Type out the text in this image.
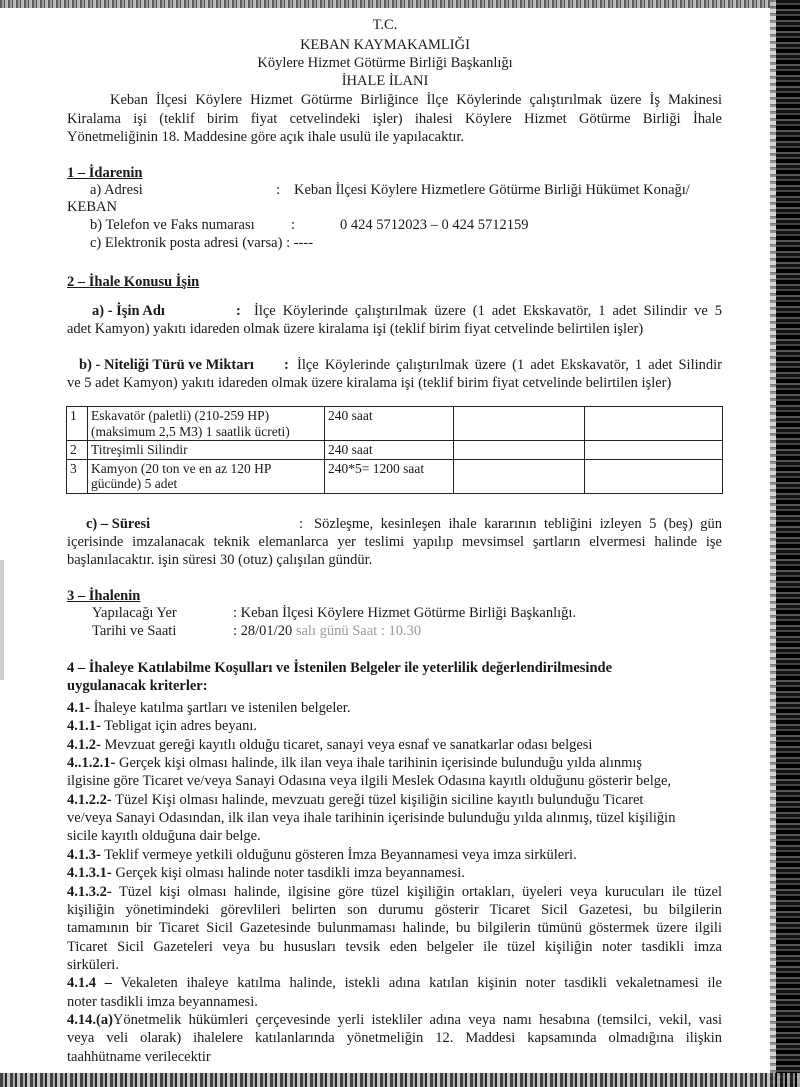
T.C.
KEBAN KAYMAKAMLIĞI
Köylere Hizmet Götürme Birliği Başkanlığı
İHALE İLANI
Keban İlçesi Köylere Hizmet Götürme Birliğince İlçe Köylerinde çalıştırılmak üzere İş Makinesi
Kiralama işi (teklif birim fiyat cetvelindeki işler) ihalesi Köylere Hizmet Götürme Birliği İhale
Yönetmeliğinin 18. Maddesine göre açık ihale usulü ile yapılacaktır.
1 – İdarenin
a) Adresi	: Keban İlçesi Köylere Hizmetlere Götürme Birliği Hükümet Konağı/
KEBAN
b) Telefon ve Faks numarası	:	0 424 5712023 – 0 424 5712159
c) Elektronik posta adresi (varsa) : ----
2 – İhale Konusu İşin
a) - İşin Adı	: İlçe Köylerinde çalıştırılmak üzere (1 adet Ekskavatör, 1 adet Silindir ve 5
adet Kamyon) yakıtı idareden olmak üzere kiralama işi (teklif birim fiyat cetvelinde belirtilen işler)
b) - Niteliği Türü ve Miktarı : İlçe Köylerinde çalıştırılmak üzere (1 adet Ekskavatör, 1 adet Silindir
ve 5 adet Kamyon) yakıtı idareden olmak üzere kiralama işi (teklif birim fiyat cetvelinde belirtilen işler)
1	Eskavatör (paletli) (210-259 HP) (maksimum 2,5 M3) 1 saatlik ücreti)	240 saat		
2	Titreşimli Silindir	240 saat		
3	Kamyon (20 ton ve en az 120 HP gücünde) 5 adet	240*5= 1200 saat		
c) – Süresi	: Sözleşme, kesinleşen ihale kararının tebliğini izleyen 5 (beş) gün
içerisinde imzalanacak teknik elemanlarca yer teslimi yapılıp mevsimsel şartların elvermesi halinde işe
başlanılacaktır. işin süresi 30 (otuz) çalışılan gündür.
3 – İhalenin
Yapılacağı Yer	: Keban İlçesi Köylere Hizmet Götürme Birliği Başkanlığı.
Tarihi ve Saati	: 28/01/20 salı günü Saat : 10.30
4 – İhaleye Katılabilme Koşulları ve İstenilen Belgeler ile yeterlilik değerlendirilmesinde
uygulanacak kriterler:
4.1- İhaleye katılma şartları ve istenilen belgeler.
4.1.1- Tebligat için adres beyanı.
4.1.2- Mevzuat gereği kayıtlı olduğu ticaret, sanayi veya esnaf ve sanatkarlar odası belgesi
4..1.2.1- Gerçek kişi olması halinde, ilk ilan veya ihale tarihinin içerisinde bulunduğu yılda alınmış
ilgisine göre Ticaret ve/veya Sanayi Odasına veya ilgili Meslek Odasına kayıtlı olduğunu gösterir belge,
4.1.2.2- Tüzel Kişi olması halinde, mevzuatı gereği tüzel kişiliğin siciline kayıtlı bulunduğu Ticaret
ve/veya Sanayi Odasından, ilk ilan veya ihale tarihinin içerisinde bulunduğu yılda alınmış, tüzel kişiliğin
sicile kayıtlı olduğuna dair belge.
4.1.3- Teklif vermeye yetkili olduğunu gösteren İmza Beyannamesi veya imza sirküleri.
4.1.3.1- Gerçek kişi olması halinde noter tasdikli imza beyannamesi.
4.1.3.2- Tüzel kişi olması halinde, ilgisine göre tüzel kişiliğin ortakları, üyeleri veya kurucuları ile tüzel
kişiliğin yönetimindeki görevlileri belirten son durumu gösterir Ticaret Sicil Gazetesi, bu bilgilerin
tamamının bir Ticaret Sicil Gazetesinde bulunmaması halinde, bu bilgilerin tümünü göstermek üzere ilgili
Ticaret Sicil Gazeteleri veya bu hususları tevsik eden belgeler ile tüzel kişiliğin noter tasdikli imza
sirküleri.
4.1.4 – Vekaleten ihaleye katılma halinde, istekli adına katılan kişinin noter tasdikli vekaletnamesi ile
noter tasdikli imza beyannamesi.
4.14.(a)Yönetmelik hükümleri çerçevesinde yerli istekliler adına veya namı hesabına (temsilci, vekil, vasi
veya veli olarak) ihalelere katılanlarında yönetmeliğin 12. Maddesi kapsamında olmadığına ilişkin
taahhütname verilecektir
